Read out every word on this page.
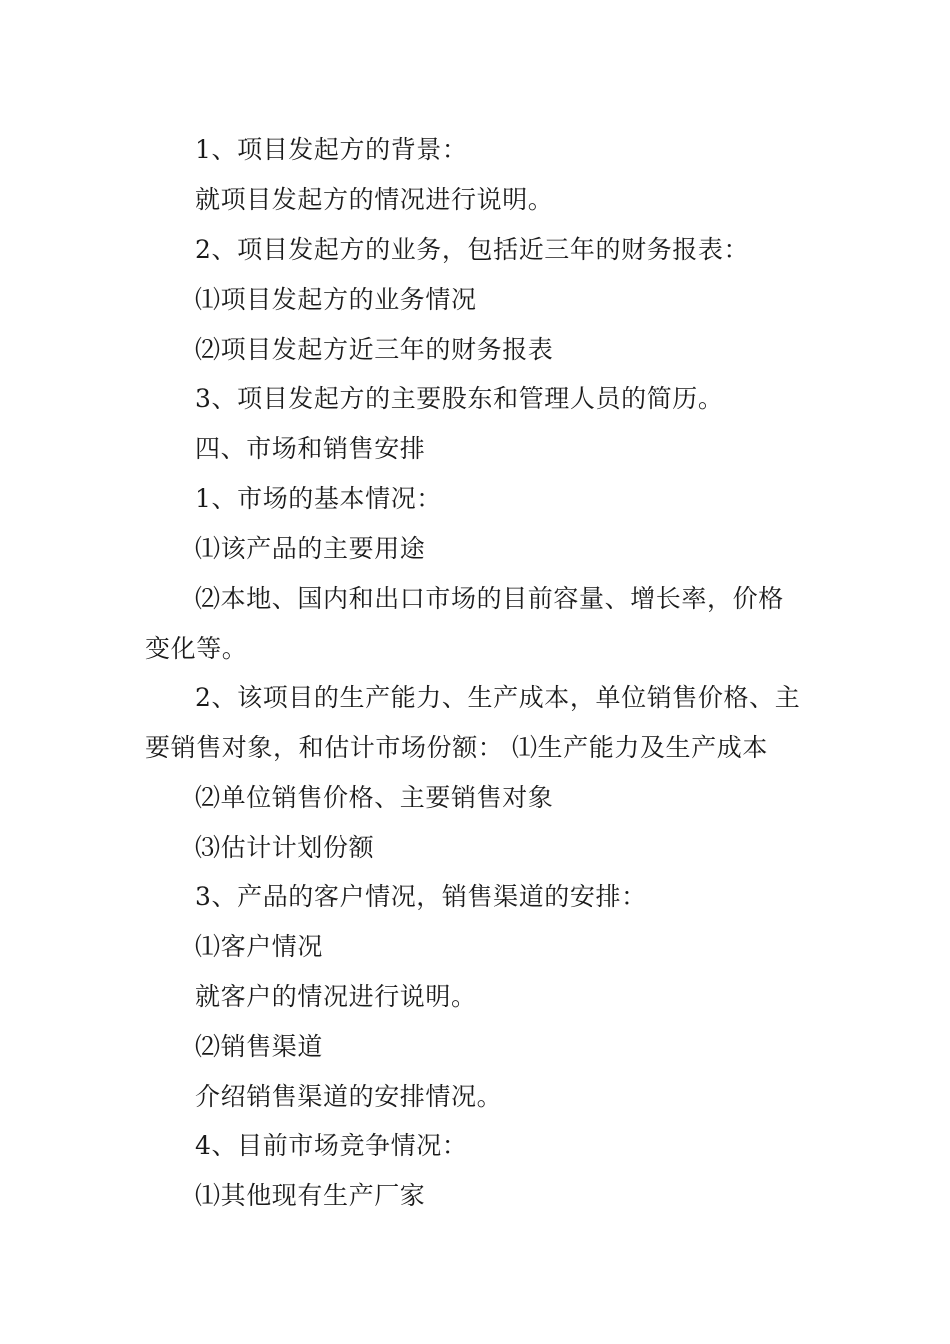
1、项目发起方的背景：
就项目发起方的情况进行说明。
2、项目发起方的业务，包括近三年的财务报表：
⑴项目发起方的业务情况
⑵项目发起方近三年的财务报表
3、项目发起方的主要股东和管理人员的简历。
四、市场和销售安排
1、市场的基本情况：
⑴该产品的主要用途
⑵本地、国内和出口市场的目前容量、增长率，价格
变化等。
2、该项目的生产能力、生产成本，单位销售价格、主
要销售对象，和估计市场份额： ⑴生产能力及生产成本
⑵单位销售价格、主要销售对象
⑶估计计划份额
3、产品的客户情况，销售渠道的安排：
⑴客户情况
就客户的情况进行说明。
⑵销售渠道
介绍销售渠道的安排情况。
4、目前市场竞争情况：
⑴其他现有生产厂家
